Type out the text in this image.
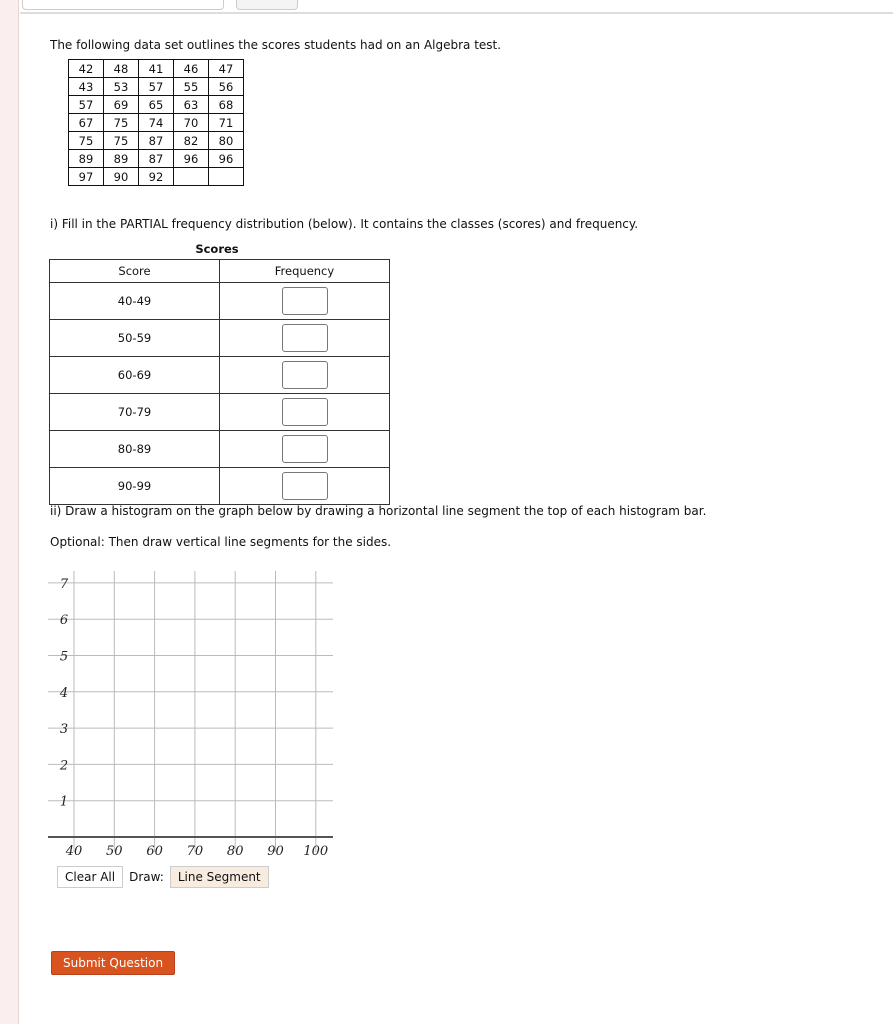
The following data set outlines the scores students had on an Algebra test.
42	48	41	46	47
43	53	57	55	56
57	69	65	63	68
67	75	74	70	71
75	75	87	82	80
89	89	87	96	96
97	90	92		
i) Fill in the PARTIAL frequency distribution (below). It contains the classes (scores) and frequency.
Scores
Score	Frequency
40-49	
50-59	
60-69	
70-79	
80-89	
90-99	
ii) Draw a histogram on the graph below by drawing a horizontal line segment the top of each histogram bar.
Optional: Then draw vertical line segments for the sides.
40 50 60 70 80 90 100
1
2
3
4
5
6
7
Clear All	Draw:	Line Segment
Submit Question
